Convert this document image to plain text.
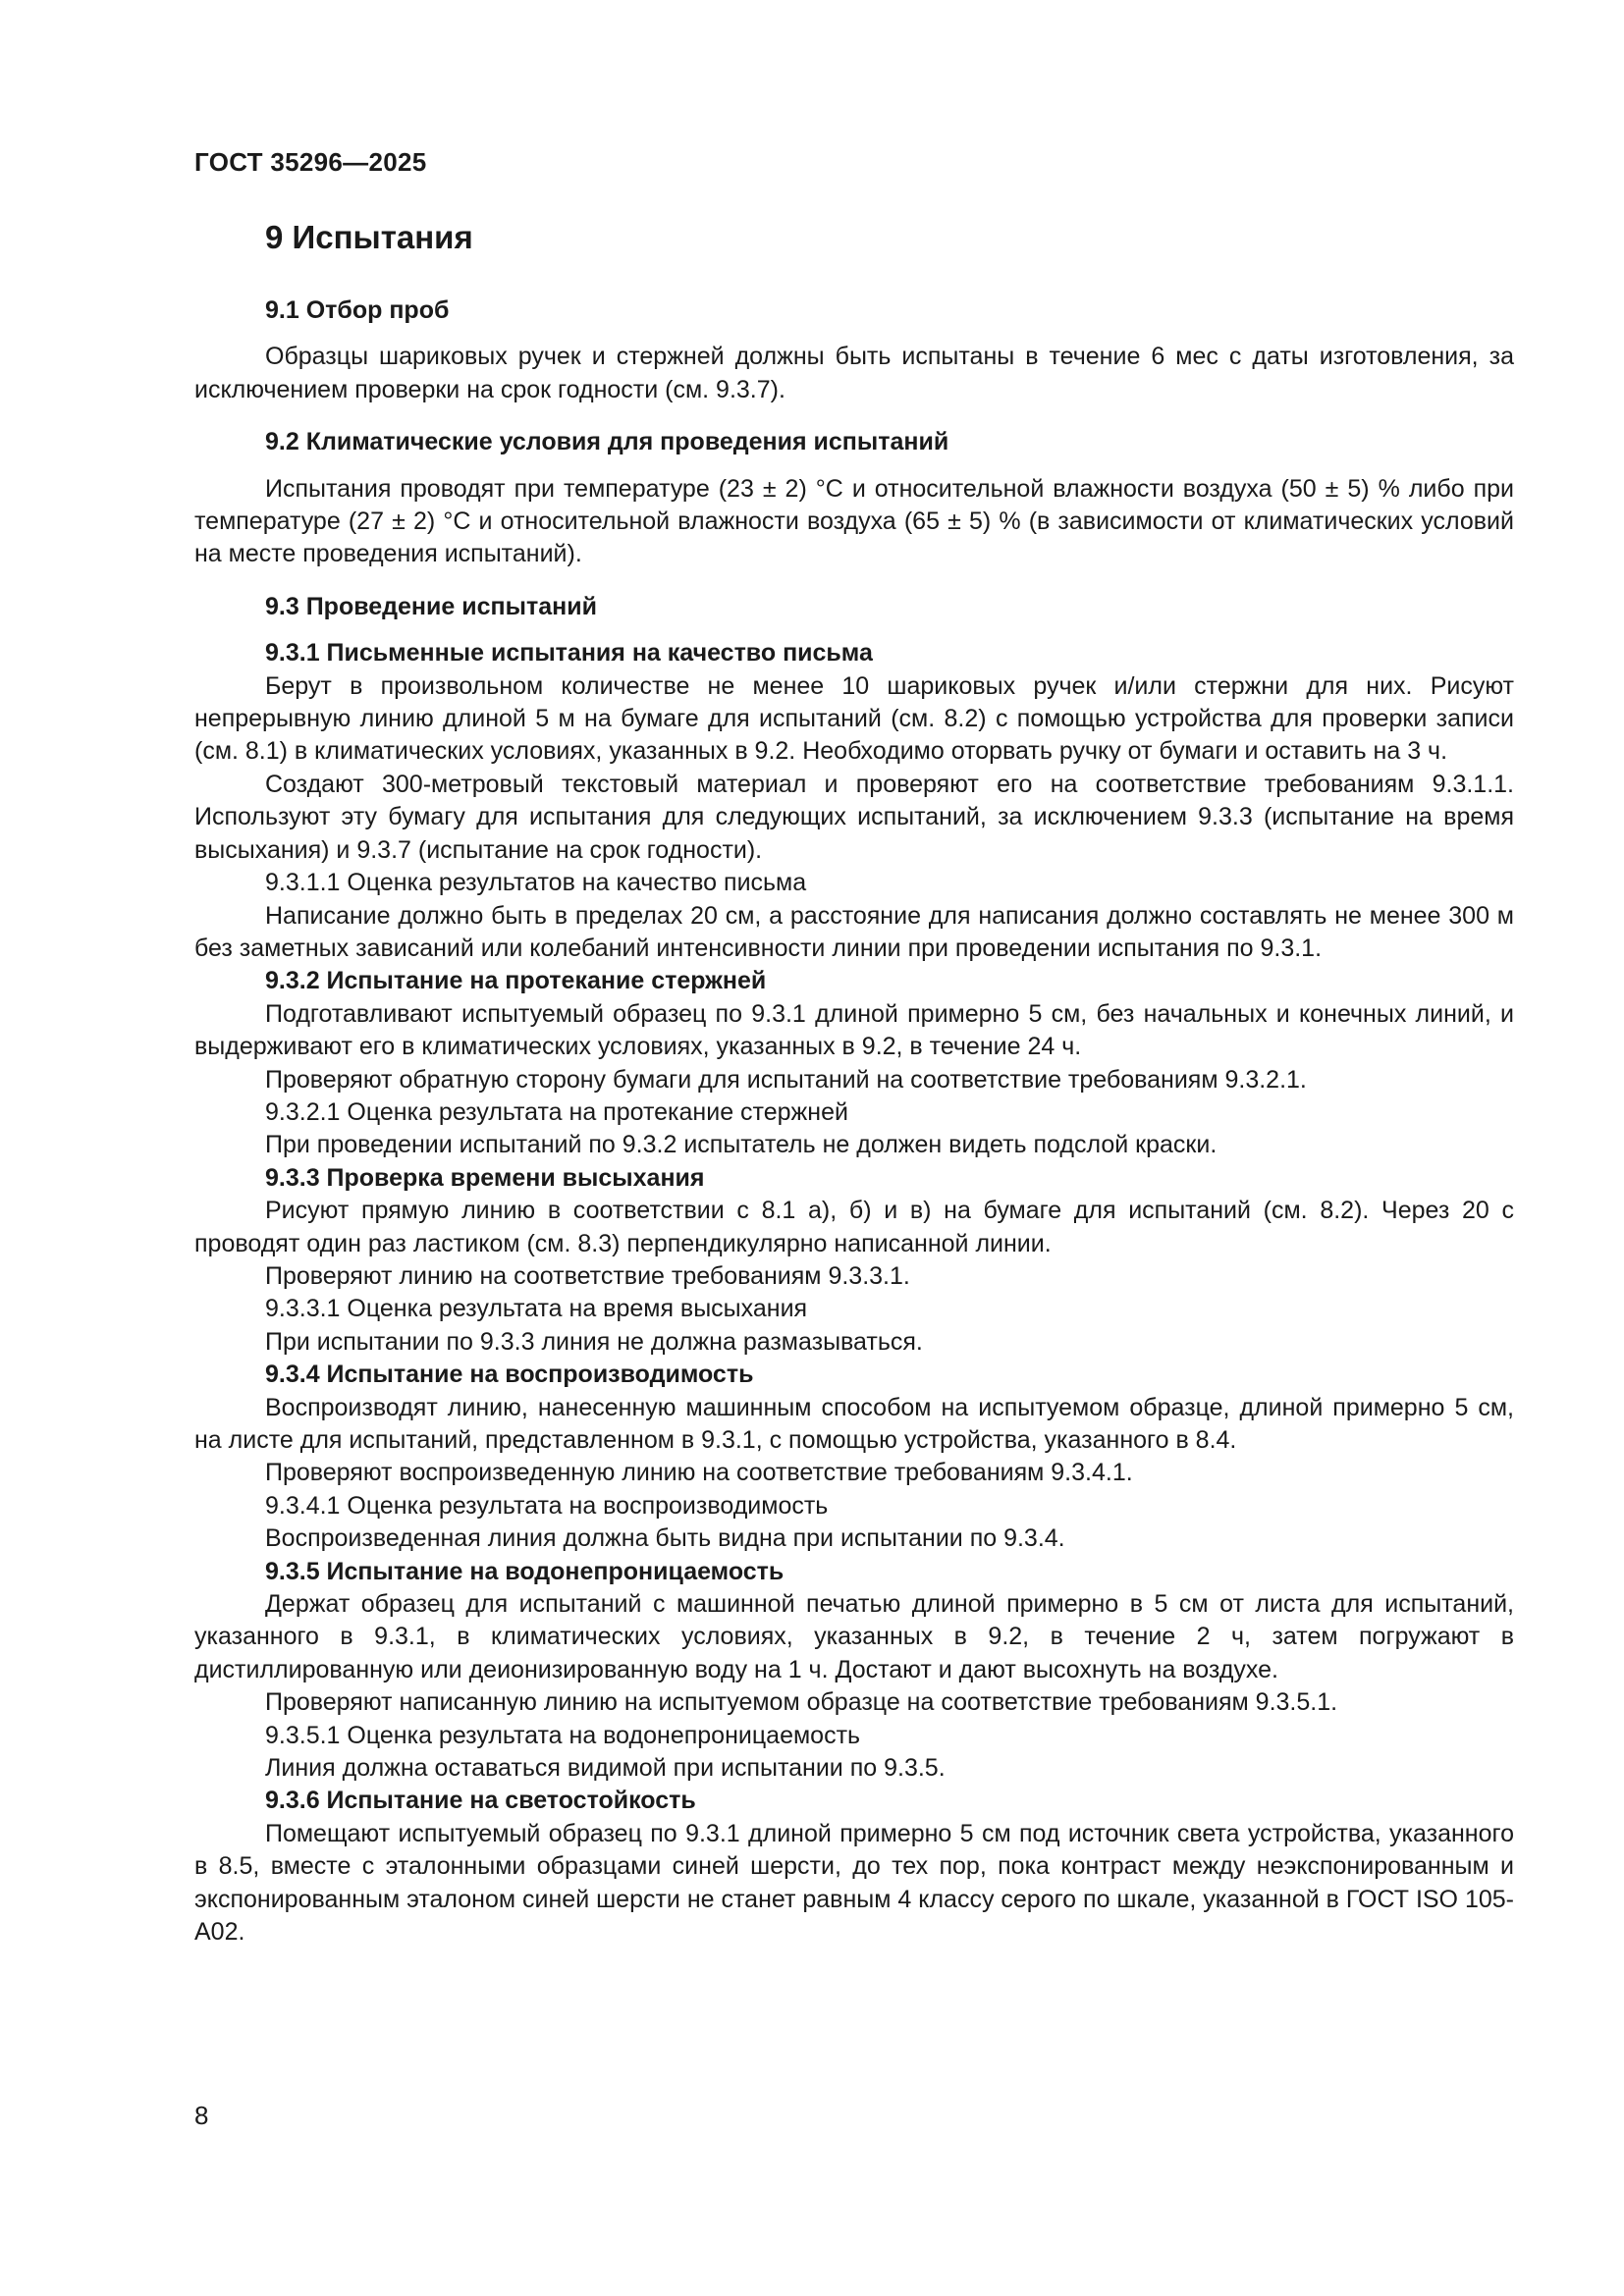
ГОСТ 35296—2025
9 Испытания

9.1 Отбор проб

Образцы шариковых ручек и стержней должны быть испытаны в течение 6 мес с даты изготовления, за исключением проверки на срок годности (см. 9.3.7).

9.2 Климатические условия для проведения испытаний

Испытания проводят при температуре (23 ± 2) °С и относительной влажности воздуха (50 ± 5) % либо при температуре (27 ± 2) °С и относительной влажности воздуха (65 ± 5) % (в зависимости от климатических условий на месте проведения испытаний).

9.3 Проведение испытаний

9.3.1 Письменные испытания на качество письма

Берут в произвольном количестве не менее 10 шариковых ручек и/или стержни для них. Рисуют непрерывную линию длиной 5 м на бумаге для испытаний (см. 8.2) с помощью устройства для проверки записи (см. 8.1) в климатических условиях, указанных в 9.2. Необходимо оторвать ручку от бумаги и оставить на 3 ч.

Создают 300-метровый текстовый материал и проверяют его на соответствие требованиям 9.3.1.1. Используют эту бумагу для испытания для следующих испытаний, за исключением 9.3.3 (испытание на время высыхания) и 9.3.7 (испытание на срок годности).

9.3.1.1 Оценка результатов на качество письма

Написание должно быть в пределах 20 см, а расстояние для написания должно составлять не менее 300 м без заметных зависаний или колебаний интенсивности линии при проведении испытания по 9.3.1.

9.3.2 Испытание на протекание стержней

Подготавливают испытуемый образец по 9.3.1 длиной примерно 5 см, без начальных и конечных линий, и выдерживают его в климатических условиях, указанных в 9.2, в течение 24 ч.

Проверяют обратную сторону бумаги для испытаний на соответствие требованиям 9.3.2.1.

9.3.2.1 Оценка результата на протекание стержней

При проведении испытаний по 9.3.2 испытатель не должен видеть подслой краски.

9.3.3 Проверка времени высыхания

Рисуют прямую линию в соответствии с 8.1 а), б) и в) на бумаге для испытаний (см. 8.2). Через 20 с проводят один раз ластиком (см. 8.3) перпендикулярно написанной линии.

Проверяют линию на соответствие требованиям 9.3.3.1.

9.3.3.1 Оценка результата на время высыхания

При испытании по 9.3.3 линия не должна размазываться.

9.3.4 Испытание на воспроизводимость

Воспроизводят линию, нанесенную машинным способом на испытуемом образце, длиной примерно 5 см, на листе для испытаний, представленном в 9.3.1, с помощью устройства, указанного в 8.4.

Проверяют воспроизведенную линию на соответствие требованиям 9.3.4.1.

9.3.4.1 Оценка результата на воспроизводимость

Воспроизведенная линия должна быть видна при испытании по 9.3.4.

9.3.5 Испытание на водонепроницаемость

Держат образец для испытаний с машинной печатью длиной примерно в 5 см от листа для испытаний, указанного в 9.3.1, в климатических условиях, указанных в 9.2, в течение 2 ч, затем погружают в дистиллированную или деионизированную воду на 1 ч. Достают и дают высохнуть на воздухе.

Проверяют написанную линию на испытуемом образце на соответствие требованиям 9.3.5.1.

9.3.5.1 Оценка результата на водонепроницаемость

Линия должна оставаться видимой при испытании по 9.3.5.

9.3.6 Испытание на светостойкость

Помещают испытуемый образец по 9.3.1 длиной примерно 5 см под источник света устройства, указанного в 8.5, вместе с эталонными образцами синей шерсти, до тех пор, пока контраст между неэкспонированным и экспонированным эталоном синей шерсти не станет равным 4 классу серого по шкале, указанной в ГОСТ ISO 105-A02.

8
